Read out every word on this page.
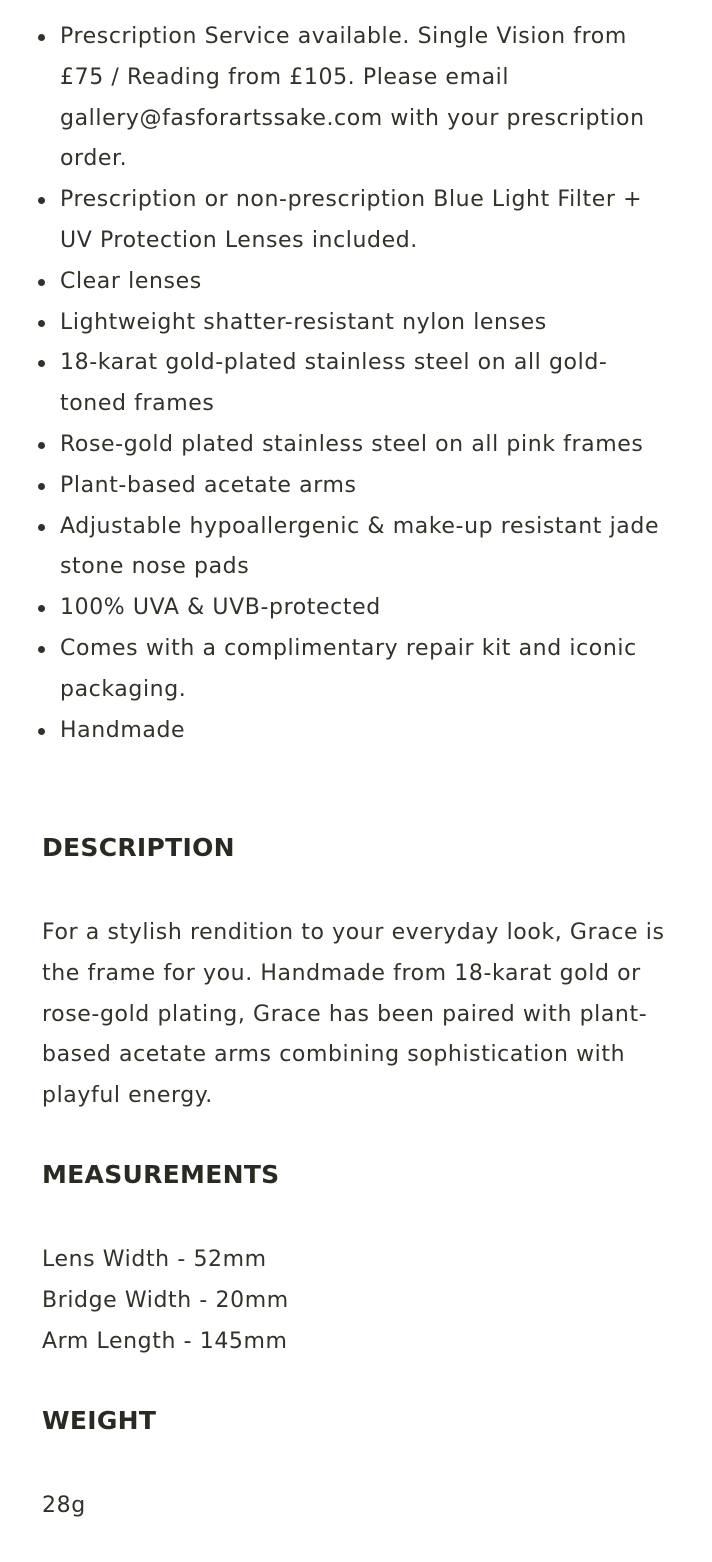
Prescription Service available. Single Vision from £75 / Reading from £105. Please email gallery@fasforartssake.com with your prescription order.
Prescription or non-prescription Blue Light Filter + UV Protection Lenses included.
Clear lenses
Lightweight shatter-resistant nylon lenses
18-karat gold-plated stainless steel on all gold-toned frames
Rose-gold plated stainless steel on all pink frames
Plant-based acetate arms
Adjustable hypoallergenic & make-up resistant jade stone nose pads
100% UVA & UVB-protected
Comes with a complimentary repair kit and iconic packaging.
Handmade
DESCRIPTION

For a stylish rendition to your everyday look, Grace is the frame for you. Handmade from 18-karat gold or rose-gold plating, Grace has been paired with plant-based acetate arms combining sophistication with playful energy.

MEASUREMENTS

Lens Width - 52mm
Bridge Width - 20mm
Arm Length - 145mm

WEIGHT

28g
